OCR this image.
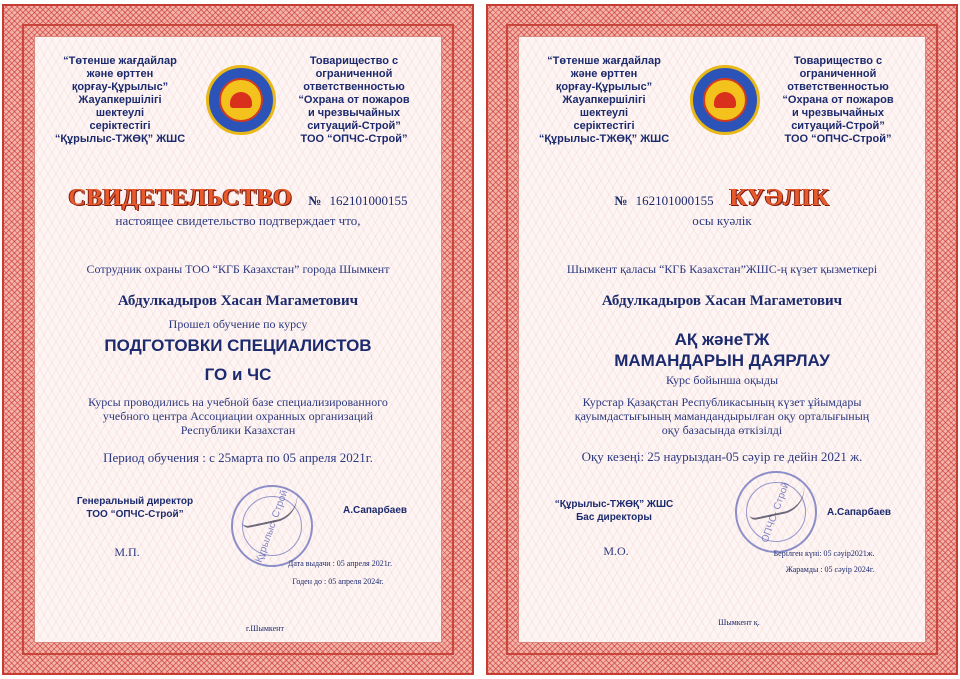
“Төтенше жағдайлар
және өрттен
қорғау-Құрылыс”
Жауапкершілігі
шектеулі
серіктестігі
“Құрылыс-ТЖӨҚ” ЖШС
Товарищество с
ограниченной
ответственностью
“Охрана от пожаров
и чрезвычайных
ситуаций-Строй”
ТОО “ОПЧС-Строй”
СВИДЕТЕЛЬСТВО № 162101000155
настоящее свидетельство подтверждает что,
Сотрудник охраны ТОО “КГБ Казахстан” города Шымкент
Абдулкадыров Хасан Магаметович
Прошел обучение по курсу
ПОДГОТОВКИ СПЕЦИАЛИСТОВ
ГО и ЧС
Курсы проводились на учебной базе специализированного
учебного центра Ассоциации охранных организаций
Республики Казахстан
Период обучения : с 25марта по 05 апреля 2021г.
Генеральный директор
ТОО “ОПЧС-Строй”	Құрылыс- Строй	А.Сапарбаев
М.П.
Дата выдачи : 05 апреля 2021г.
Годен до : 05 апреля 2024г.
г.Шымкент
“Төтенше жағдайлар
және өрттен
қорғау-Құрылыс”
Жауапкершілігі
шектеулі
серіктестігі
“Құрылыс-ТЖӨҚ” ЖШС
Товарищество с
ограниченной
ответственностью
“Охрана от пожаров
и чрезвычайных
ситуаций-Строй”
ТОО “ОПЧС-Строй”
№ 162101000155 КУӘЛІК
осы куәлік
Шымкент қаласы “КГБ Казахстан”ЖШС-ң күзет қызметкері
Абдулкадыров Хасан Магаметович
АҚ жәнеТЖ
МАМАНДАРЫН ДАЯРЛАУ
Курс бойынша оқыды
Курстар Қазақстан Республикасының күзет ұйымдары
қауымдастығының мамандандырылған оқу орталығының
оқу базасында өткізілді
Оқу кезеңі: 25 наурыздан-05 сәуір ге дейін 2021 ж.
“Құрылыс-ТЖӨҚ” ЖШС
Бас директоры	ОПЧС- Строй	А.Сапарбаев
М.О.	Берілген күні: 05 сәуір2021ж.
Жарамды : 05 сәуір 2024г.
Шымкент қ.
